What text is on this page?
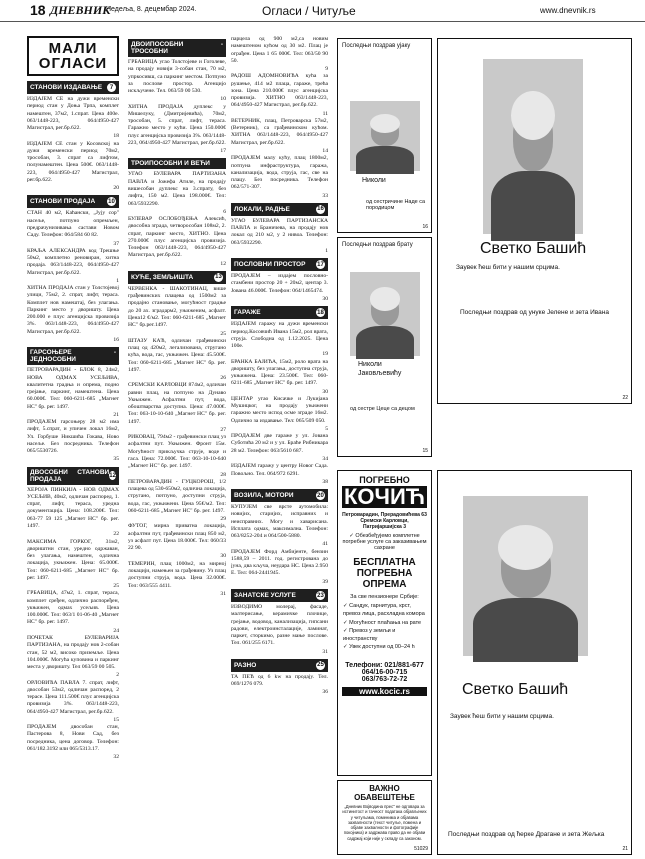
18 ДНЕВНИК
Недеља, 8. децембар 2024.	Огласи / Читуље	www.dnevnik.rs
МАЛИ ОГЛАСИ
СТАНОВИ ИЗДАВАЊЕ	7
ИЗДАЈЕМ СЕ на дужи временски период стан у Доња Трпа, комплет намештен, 37м2, 1.спрат. Цена 400е. 063/1448-223, 064/4950-427 Магистрал, рег.бр.622.
18
ИЗДАЈЕМ СЕ стан у Косовској на дужи временски период 70м2, трособан, 3. спрат са лифтом, полунамештен. Цена 500€. 063/1448-223, 064/4950-427 Магистрал, рег.бр.622.
20
СТАНОВИ ПРОДАЈА 10
СТАН 40 м2, Каћански, „Јују сор" насеље, потпуно опремљен, предрачунизивања састави Новом Саду. Телефон: 064/584 60 82.
37
КРАЉА АЛЕКСАНДРА код Трешње 50м2, комплетно реновиран, хитна продаја. 063/1448-223, 064/4950-427 Магистрал, рег.бр.622.
1
ХИТНА ПРОДАЈА стан у Толстојевој улици, 75м2, 2. спрат, лифт, тераса. Комплет нов намештај, без улагања. Паркинг место у дворишту. Цена 200.000 е плус агенцијска провизија 3%. 063/1448-223, 064/4950-427 Магистрал, рег.бр.622.
16
ГАРСОЊЕРЕ - ЈЕДНОСОБНИ
ПЕТРОВАРАДИН - БЛОК 8, 24м2, НОВА ОДМАХ УСЕЉИВА, квалитетна градња и опрема, подно грејање, паркинг, намештена. Цена 60.000€. Тел: 060-6211-685 „Магнет НС" бр. рег. 1497.
21
ПРОДАЈЕМ гарсоњеру 28 м2 има лифт, 5.спрат, и упичен локал 16м2, Ул. Горбуше Никшића Гокава, Ново насеље. Без посредника. Телефон 065/5530726.
35
ДВОСОБНИ СТАНОВИ ПРОДАЈА	12
ХЕРОЈА ПИНКИЈА - НОВ ОДМАХ УСЕЉИВ, 40м2, одличан распоред, 1. спрат, лифт, тераса, уредна документација. Цена: 108.200€. Тел: 063-77 59 125 „Магнет НС" бр. рег. 1497.
22
МАКСИМА ГОРКОГ, 31м2, двориштни стан, уредно одржаван, без улагања, намештен, одлична локација, укњижен. Цена: 65.000€. Тел: 060-6211-685 „Магнет НС" бр. рег. 1497.
25
ГРБАВИЦА, 47м2, 1. спрат, тераса, комплет сређен, одлично распоређен, укњижен, одмах усељив. Цена 100.000€. Тел: 063/1 01-06-40 „Магнет НС" бр. рег. 1497.
24
ПОЧЕТАК БУЛЕВАРИЈА ПАРТИЗАНА, на продају нов 2-собан стан, 52 м2, високо приземље. Цена 104.000€. Могућа куповина и паркинг места у дворишту. Тел 063/59 00 505.
2
ОРЛОВИЋА ПАВЛА 7. спрат, лифт, двособан 53м2, одличан распоред, 2 терасе. Цена 111.500€ плус агенцијска провизија 3%. 063/1448-223, 064/4950-427 Магистрал, рег.бр.622.
15
ПРОДАЈЕМ двособан стан, Пастерова 8, Нови Сад, без посредника, цена договор. Телефон: 061/182.3192 или 065/5313.17.
32
ДВОИПОСОБНИ - ТРОСОБНИ
ГРБАВИЦА угао Толстојеве и Гоголеве, на продају новији 3-собан стан, 70 м2, упркосивш, са паркинг местом. Потпуно за послове простор. Агенцијо искључене. Тел. 063/59 00 530.
10
ХИТНА ПРОДАЈА дуплекс у Мишелуку, (Дмитријевића), 70м2, трособан, 5. спрат, лифт, тераса. Гаражно место у кући. Цена 150.000€ плус агенцијска провизија 3%. 063/1448-223, 064/4950-427 Магистрал, рег.бр.622.
17
ТРОИПОСОБНИ И ВЕЋИ
УГАО БУЛЕВАРА ПАРТИЗАНА ПАВЛА и Јожефа Атиле, на продају вишесобан дуплекс на 3.спрату, без лифта, 150 м2. Цена 198.000€. Тел: 063/5932290.
6
БУЛЕВАР ОСЛОБОЂЕЊА Алексић, двособна зграда, четворособан 108м2, 2. спрат, паркинг место, ХИТНО. Цена 270.000€ плус агенцијска провизија. Телефон 063/1448-223, 064/4950-427 Магистрал, рег.бр.622.
12
КУЋЕ, ЗЕМЉИШТА	13
ЧЕРВЕНКА - ШАКОТИНАЦ, више грађевинских плацева од 1500м2 за продајно становање, могућност градње до 20 ах. зградарм2, уњиженим, асфалт. Цена12 €/м2. Тел: 060-6211-685 „Магнет НС" бр.рег.1497.
25
ШТАЗУ КАЋ, одличан грађевински плац од 420м2, легализована, стругано кућа, вода, гас, укњижен. Цена: 45.500€. Тел: 060-6211-685 „Магнет НС" бр. рег. 1497.
26
СРЕМСКИ КАРЛОВЦИ 874м2, одличан равни плац, на потпуно на Дунаво Укњижен. Асфалтни пут, вода, обоштварства доступна. Цена: 47.000€. Тел: 063-10-10-640 „Магнет НС" бр. рег. 1497.
27
РИКОВАЦ, 794м2 - грађевински плац уз асфалтни пут. Укњижен. Фронт 15м. Могућност прикључка струје, воде и гаса. Цена: 72.000€. Тел: 063-10-10-640 „Магнет НС" бр. рег. 1497.
28
ПЕТРОВАРАДИН - ГУЦКОРОШ, 1/2 плацева од 530-650м2, одлична локација, стругано, потпуно, доступни струја, вода, гас, укњижени. Цена 95€/м2. Тел: 060-6211-685 „Магнет НС" бр. рег. 1497.
29
ФУТОГ, мирна приватна локација, асфалтни пут, грађевински плац 850 м2, уз асфалт пут. Цена 18.000€. Тел: 060/33 22 90.
30
ТЕМЕРИН, плац 1000м2, на мирној локацији, намењен за грађевину. Уз плац доступни струја, вода. Цена 32.000€. Тел: 063/555 4411.
31
парцела од 900 м2,са новим намештеном кућом од 30 м2. Плац је ограђен. Цена 1 65 000€. Тел: 063/50 90 50.
9
РАДОШ АДОМНОВИЋА кућа за рушење, 414 м2 плаца, гараже, трећа зона. Цена 210.000€ плус агенцијска провизија. ХИТНО 063/1448-223, 064/4950-427 Магистрал, рег.бр.622.
11
ВЕТЕРНИК, плац, Петроварска 57м2, (Ветерник), са грађевинском кућом. ХИТНА 063/1448-223, 064/4950-427 Магистрал, рег.бр.622.
14
ПРОДАЈЕМ малу кућу, плац 1800м2, потпуна инфраструктура, гаража, канализација, вода, струја, гас, све на плацу. Без посредника. Телефон 062/571-307.
33
ЛОКАЛИ, РАДЊЕ	16
УГАО БУЛЕВАРА ПАРТИЗАНСКА ПАВЛА и Браничева, на продају нов локал од 210 м2, у 2 нивоа. Телефон: 063/5932290.
1
ПОСЛОВНИ ПРОСТОР 17
ПРОДАЈЕМ – издајем пословно-стамбени простор 20 + 20м2, центар 3. Јована 46.000€. Телефон: 064/1465474.
30
ГАРАЖЕ	18
ИЗДАЈЕМ гаражу на дужи временски период.Косовчић Ивана 15м2, рол врата, струја. Слободна од 1.12.2025. Цена 100е.
19
БРАНКА БАЈИЋА, 15м2, ролo врата на дворишту, без улагања, доступна струја, укњижена. Цена: 23.500€. Тел: 060-6211-685 „Магнет НС" бр. рег. 1497.
30
ЦЕНТАР угао Кисачке и Лукијана Мушицког, на продају уњижени гаражно место испод осме зграде 16м2. Одлично за издавање. Тел: 065/509 050.
5
ПРОДАЈЕМ две гараже у ул. Јована Суботића 20 м2 и у ул. Браће Рибникара 28 м2. Телефон: 063/5610 687.
34
ИЗДАЈЕМ гаражу у центру Новог Сада. Повољно. Тел. 064/972 6291.
38
ВОЗИЛА, МОТОРИ	20
КУПУЈЕМ све врсте аутомобила: новијих, старијих, исправних и неисправних. Могу и хаварисана. Исплата одмах, максимална. Телефон: 063/8252-204 и 064/500-5880.
41
ПРОДАЈЕМ Форд Амбијенте, бензин 1588,59 – 2011. год. регистрована до јуна, два кључа, неудара НС. Цена 2.950 Е. Тел: 064-2441945.
39
ЗАНАТСКЕ УСЛУГЕ	23
ИЗВОДИМО молерај, фасаде, малтерисање, керамичке плочице, грејање, водовод, канализација, гипсани радови, електроинсталације, ламинат, паркет, сторкимо, разне мање послове. Тел. 061/255 6171.
31
РАЗНО	25
ТА ПЕЋ од 6 kw на продају. Тел. 069/1276 079.
36
Последњи поздрав ујаку
Николи
од сестричине Наде са породицом
16
Последњи поздрав брату
Николи Јаковљевићу
од сестре Цеце са децом
15
Светко Башић
Заувек ћеш бити у нашим срцима.
Последњи поздрав од унуке Јелене и зета Ивана
22
Светко Башић
Заувек ћеш бити у нашим срцима.
Последњи поздрав од ћерке Драгане и зета Жељка
21
ПОГРЕБНО
КОЧИЋ
Петроварадин, Прерадовићева 63 Сремски Карловци, Патријаршијска 3
✓ Обезбеђујемо комплетне погребне услуге са заказивањем сахране
БЕСПЛАТНА
ПОГРЕБНА ОПРЕМА
За све пензионере Србије:
✓ Сандук, гарнитура, крст, превоз лица, расхладна комора
✓ Могућност плаћања на рате
✓ Превоз у земљи и иностранству
✓ Увек доступни од 00–24 h
Телефони: 021/881-677
064/16-00-715
063/763-72-72
www.kocic.rs
ВАЖНО ОБАВЕШТЕЊЕ
„Дневник Војводина прес" не одговара за истинитост и тачност података објављених у читуљама, поменима и објавама захвалности (текст читуље, помена и објаве захвалности и фотографије покојника) и задржава право да не објави садржај који није у складу са законом.
51029
